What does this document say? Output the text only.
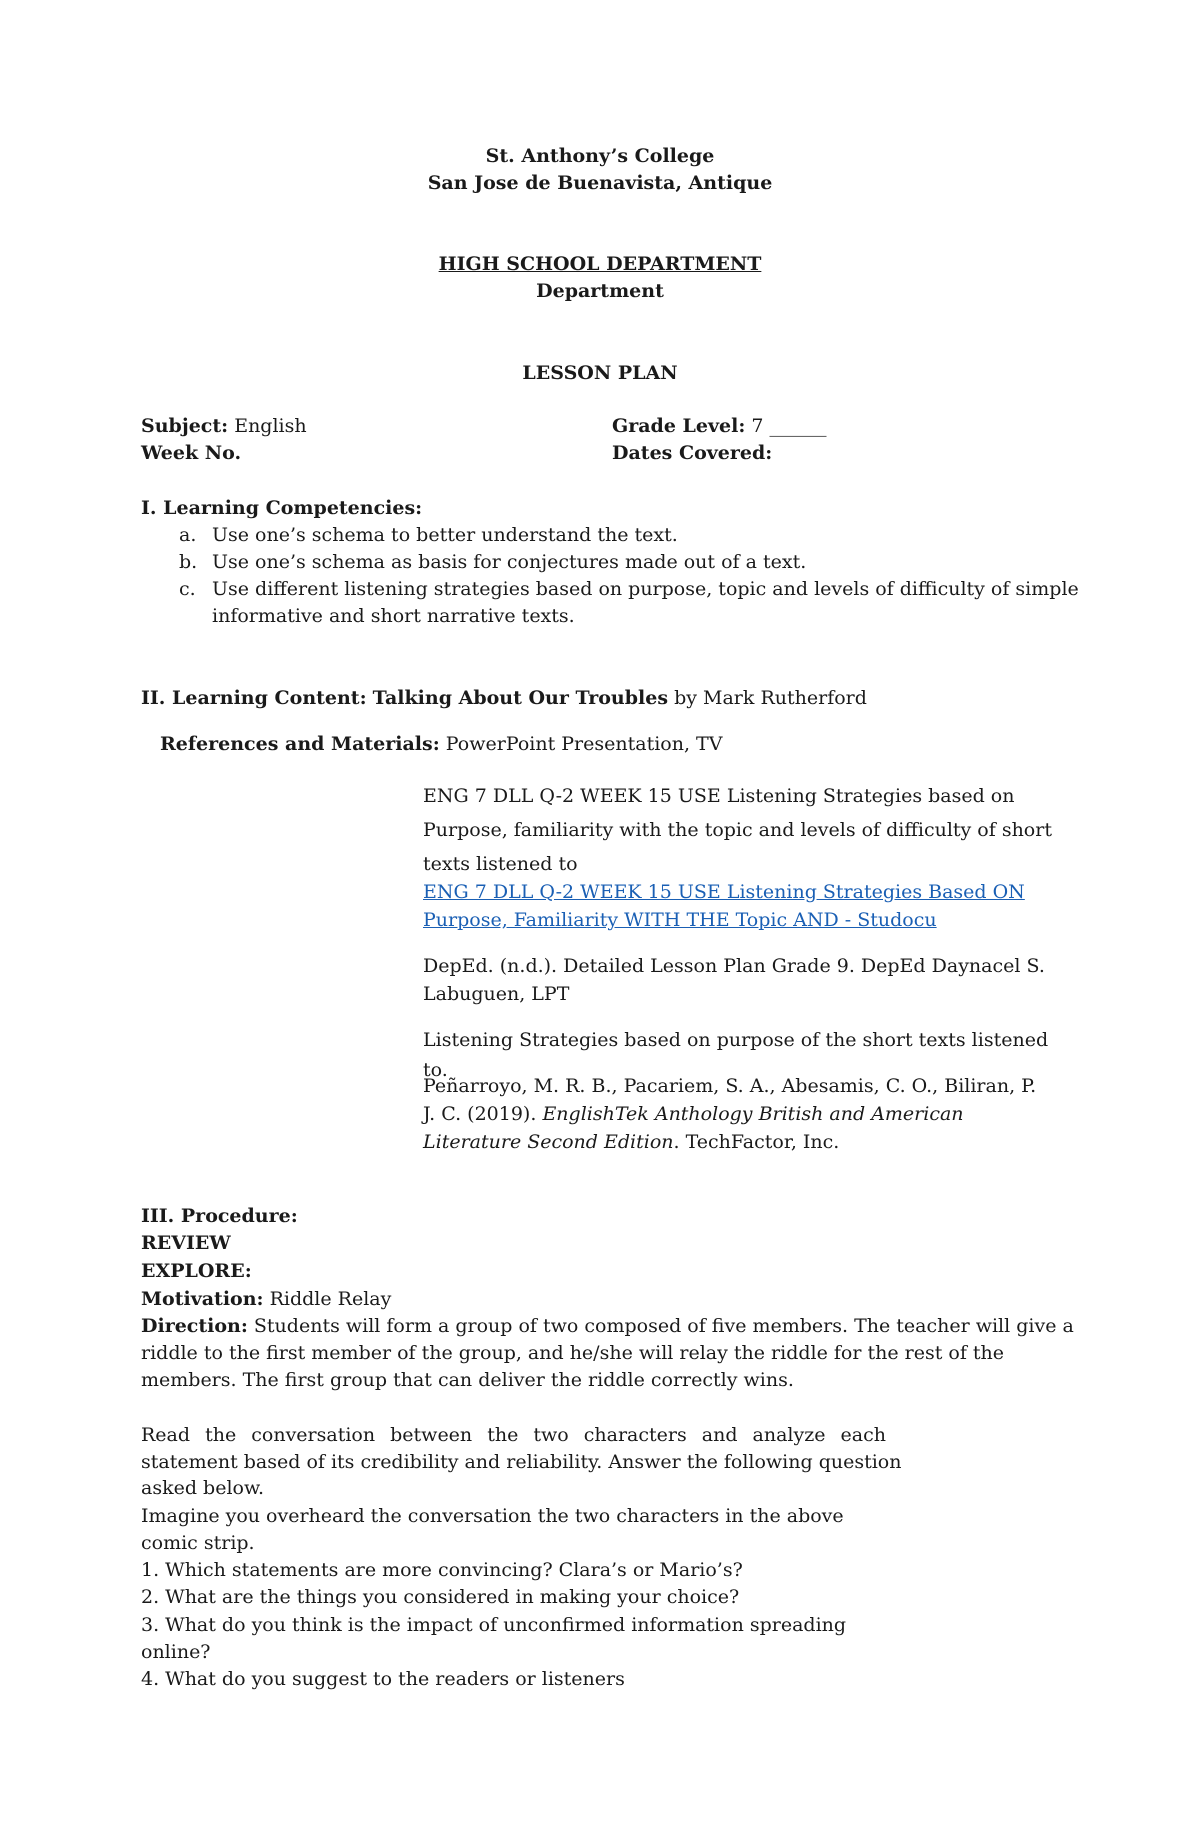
St. Anthony’s College
San Jose de Buenavista, Antique
HIGH SCHOOL DEPARTMENT
Department
LESSON PLAN
Subject: English	Grade Level: 7 ______
Week No.	Dates Covered:
I. Learning Competencies:
a. Use one’s schema to better understand the text.
b. Use one’s schema as basis for conjectures made out of a text.
c. Use different listening strategies based on purpose, topic and levels of difficulty of simple
informative and short narrative texts.
II. Learning Content: Talking About Our Troubles by Mark Rutherford
References and Materials: PowerPoint Presentation, TV
ENG 7 DLL Q-2 WEEK 15 USE Listening Strategies based on
Purpose, familiarity with the topic and levels of difficulty of short
texts listened to
ENG 7 DLL Q-2 WEEK 15 USE Listening Strategies Based ON
Purpose, Familiarity WITH THE Topic AND - Studocu
DepEd. (n.d.). Detailed Lesson Plan Grade 9. DepEd Daynacel S.
Labuguen, LPT
Listening Strategies based on purpose of the short texts listened to.
Peñarroyo, M. R. B., Pacariem, S. A., Abesamis, C. O., Biliran, P.
J. C. (2019). EnglishTek Anthology British and American
Literature Second Edition. TechFactor, Inc.
III. Procedure:
REVIEW
EXPLORE:
Motivation: Riddle Relay
Direction: Students will form a group of two composed of five members. The teacher will give a
riddle to the first member of the group, and he/she will relay the riddle for the rest of the
members. The first group that can deliver the riddle correctly wins.
Read the conversation between the two characters and analyze each
statement based of its credibility and reliability. Answer the following question
asked below.
Imagine you overheard the conversation the two characters in the above
comic strip.
1. Which statements are more convincing? Clara’s or Mario’s?
2. What are the things you considered in making your choice?
3. What do you think is the impact of unconfirmed information spreading
online?
4. What do you suggest to the readers or listeners
